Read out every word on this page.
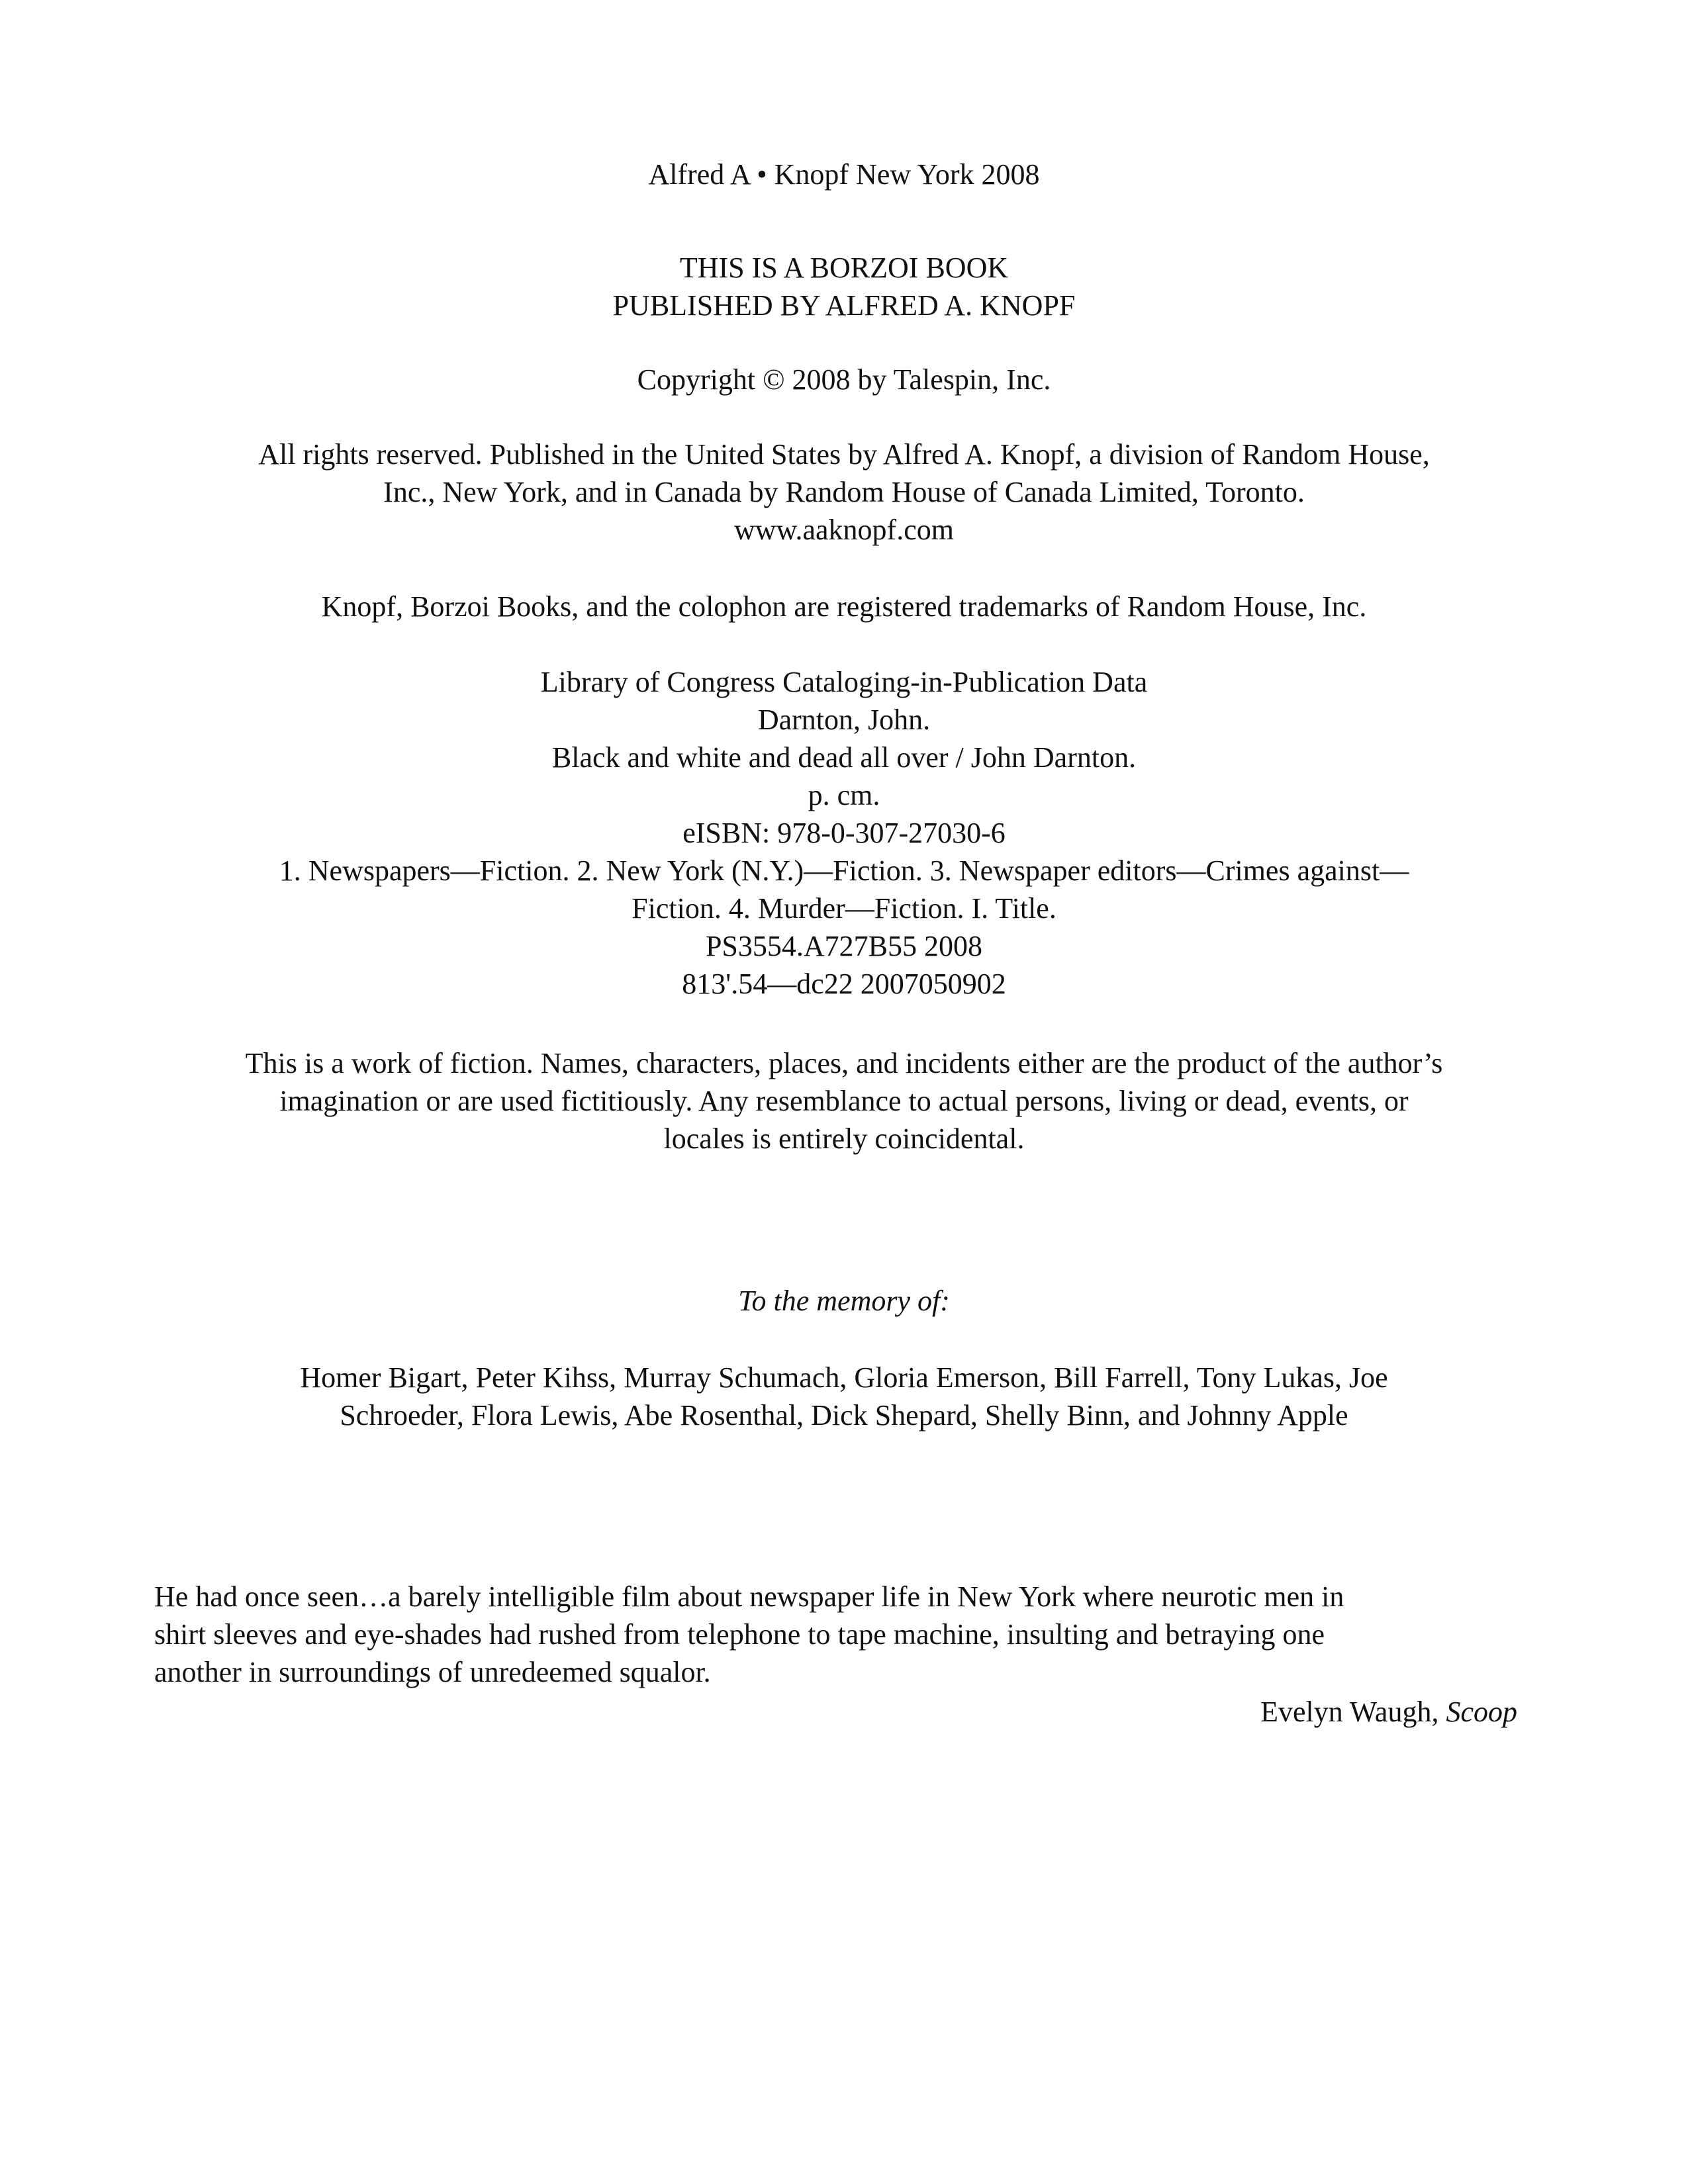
Alfred A • Knopf New York 2008
THIS IS A BORZOI BOOK
PUBLISHED BY ALFRED A. KNOPF
Copyright © 2008 by Talespin, Inc.
All rights reserved. Published in the United States by Alfred A. Knopf, a division of Random House,
Inc., New York, and in Canada by Random House of Canada Limited, Toronto.
www.aaknopf.com
Knopf, Borzoi Books, and the colophon are registered trademarks of Random House, Inc.
Library of Congress Cataloging-in-Publication Data
Darnton, John.
Black and white and dead all over / John Darnton.
p. cm.
eISBN: 978-0-307-27030-6
1. Newspapers—Fiction. 2. New York (N.Y.)—Fiction. 3. Newspaper editors—Crimes against—
Fiction. 4. Murder—Fiction. I. Title.
PS3554.A727B55 2008
813'.54—dc22 2007050902
This is a work of fiction. Names, characters, places, and incidents either are the product of the author’s
imagination or are used fictitiously. Any resemblance to actual persons, living or dead, events, or
locales is entirely coincidental.
To the memory of:
Homer Bigart, Peter Kihss, Murray Schumach, Gloria Emerson, Bill Farrell, Tony Lukas, Joe
Schroeder, Flora Lewis, Abe Rosenthal, Dick Shepard, Shelly Binn, and Johnny Apple
He had once seen…a barely intelligible film about newspaper life in New York where neurotic men in
shirt sleeves and eye-shades had rushed from telephone to tape machine, insulting and betraying one
another in surroundings of unredeemed squalor.
Evelyn Waugh, Scoop
